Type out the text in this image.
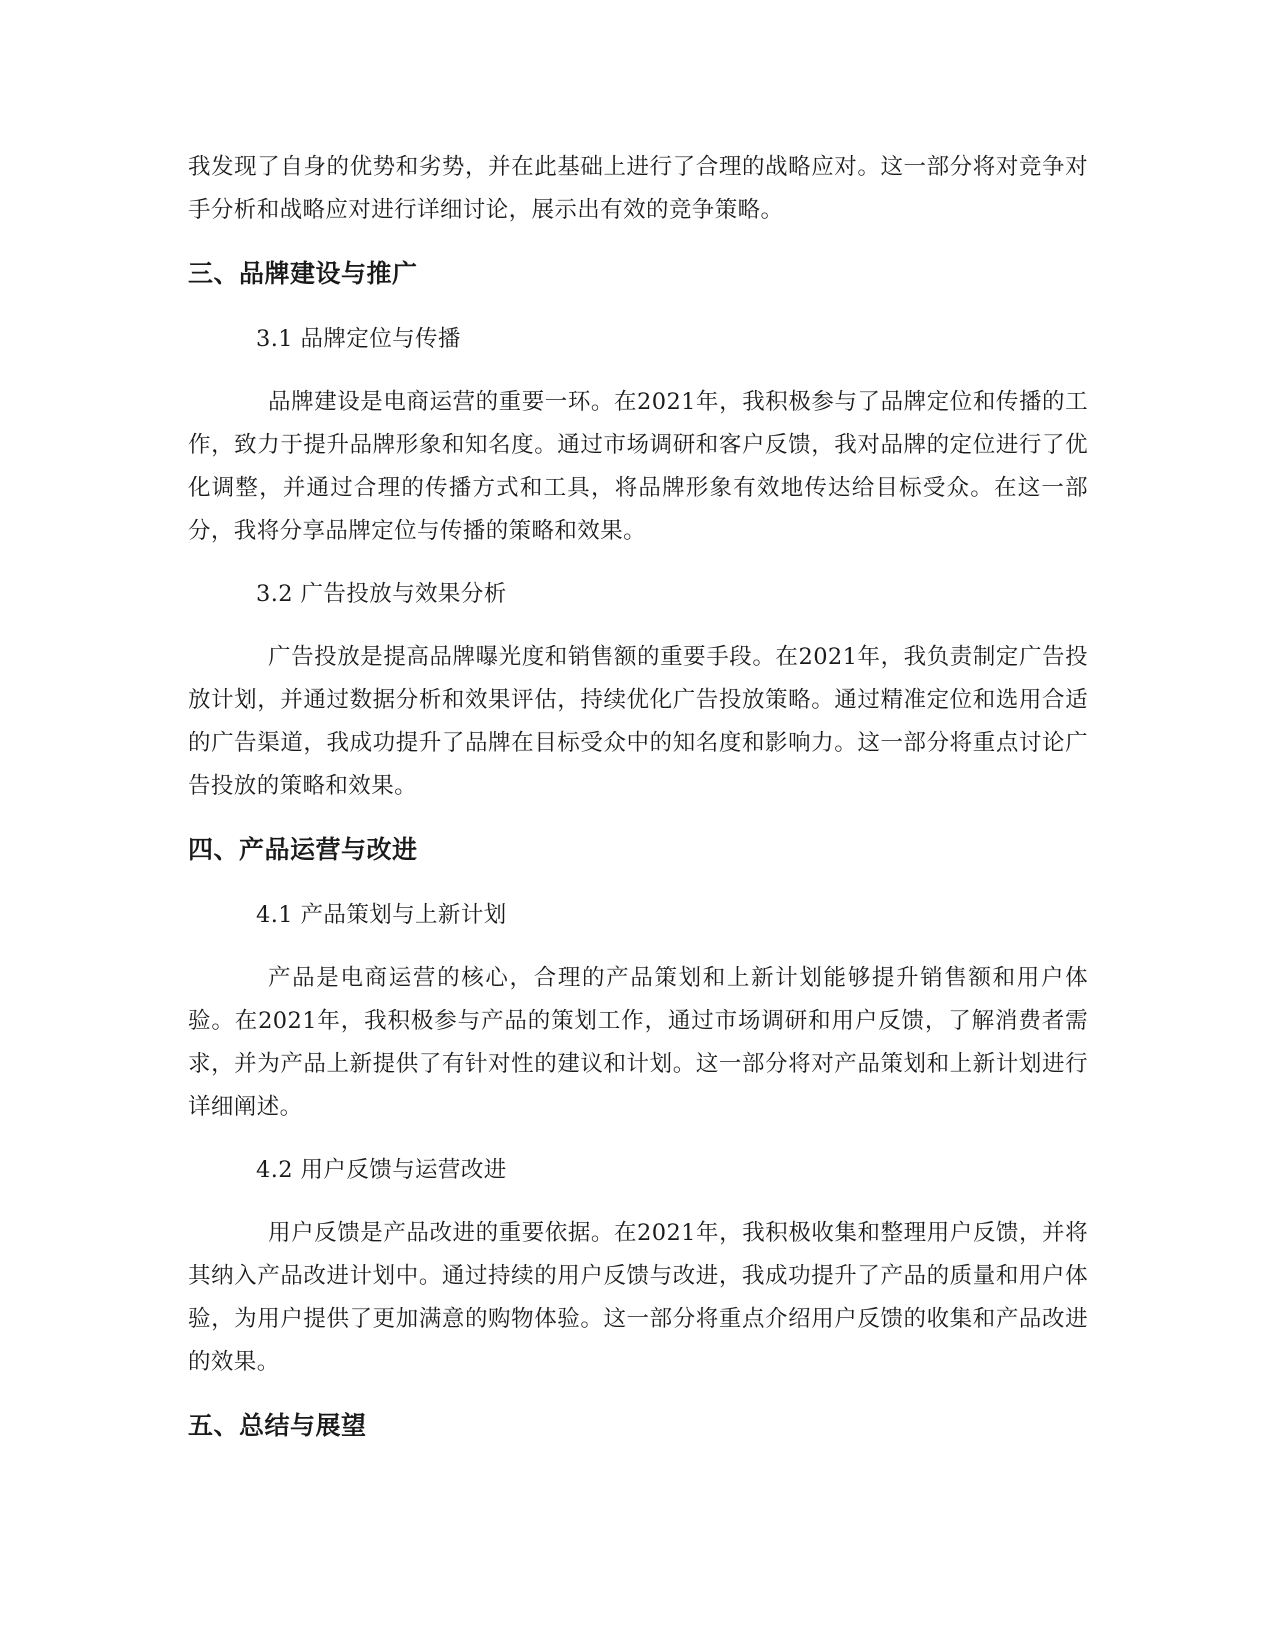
我发现了自身的优势和劣势，并在此基础上进行了合理的战略应对。这一部分将对竞争对手分析和战略应对进行详细讨论，展示出有效的竞争策略。

三、品牌建设与推广
3.1 品牌定位与传播

品牌建设是电商运营的重要一环。在2021年，我积极参与了品牌定位和传播的工作，致力于提升品牌形象和知名度。通过市场调研和客户反馈，我对品牌的定位进行了优化调整，并通过合理的传播方式和工具，将品牌形象有效地传达给目标受众。在这一部分，我将分享品牌定位与传播的策略和效果。

3.2 广告投放与效果分析

广告投放是提高品牌曝光度和销售额的重要手段。在2021年，我负责制定广告投放计划，并通过数据分析和效果评估，持续优化广告投放策略。通过精准定位和选用合适的广告渠道，我成功提升了品牌在目标受众中的知名度和影响力。这一部分将重点讨论广告投放的策略和效果。

四、产品运营与改进
4.1 产品策划与上新计划

产品是电商运营的核心，合理的产品策划和上新计划能够提升销售额和用户体验。在2021年，我积极参与产品的策划工作，通过市场调研和用户反馈，了解消费者需求，并为产品上新提供了有针对性的建议和计划。这一部分将对产品策划和上新计划进行详细阐述。

4.2 用户反馈与运营改进

用户反馈是产品改进的重要依据。在2021年，我积极收集和整理用户反馈，并将其纳入产品改进计划中。通过持续的用户反馈与改进，我成功提升了产品的质量和用户体验，为用户提供了更加满意的购物体验。这一部分将重点介绍用户反馈的收集和产品改进的效果。

五、总结与展望
